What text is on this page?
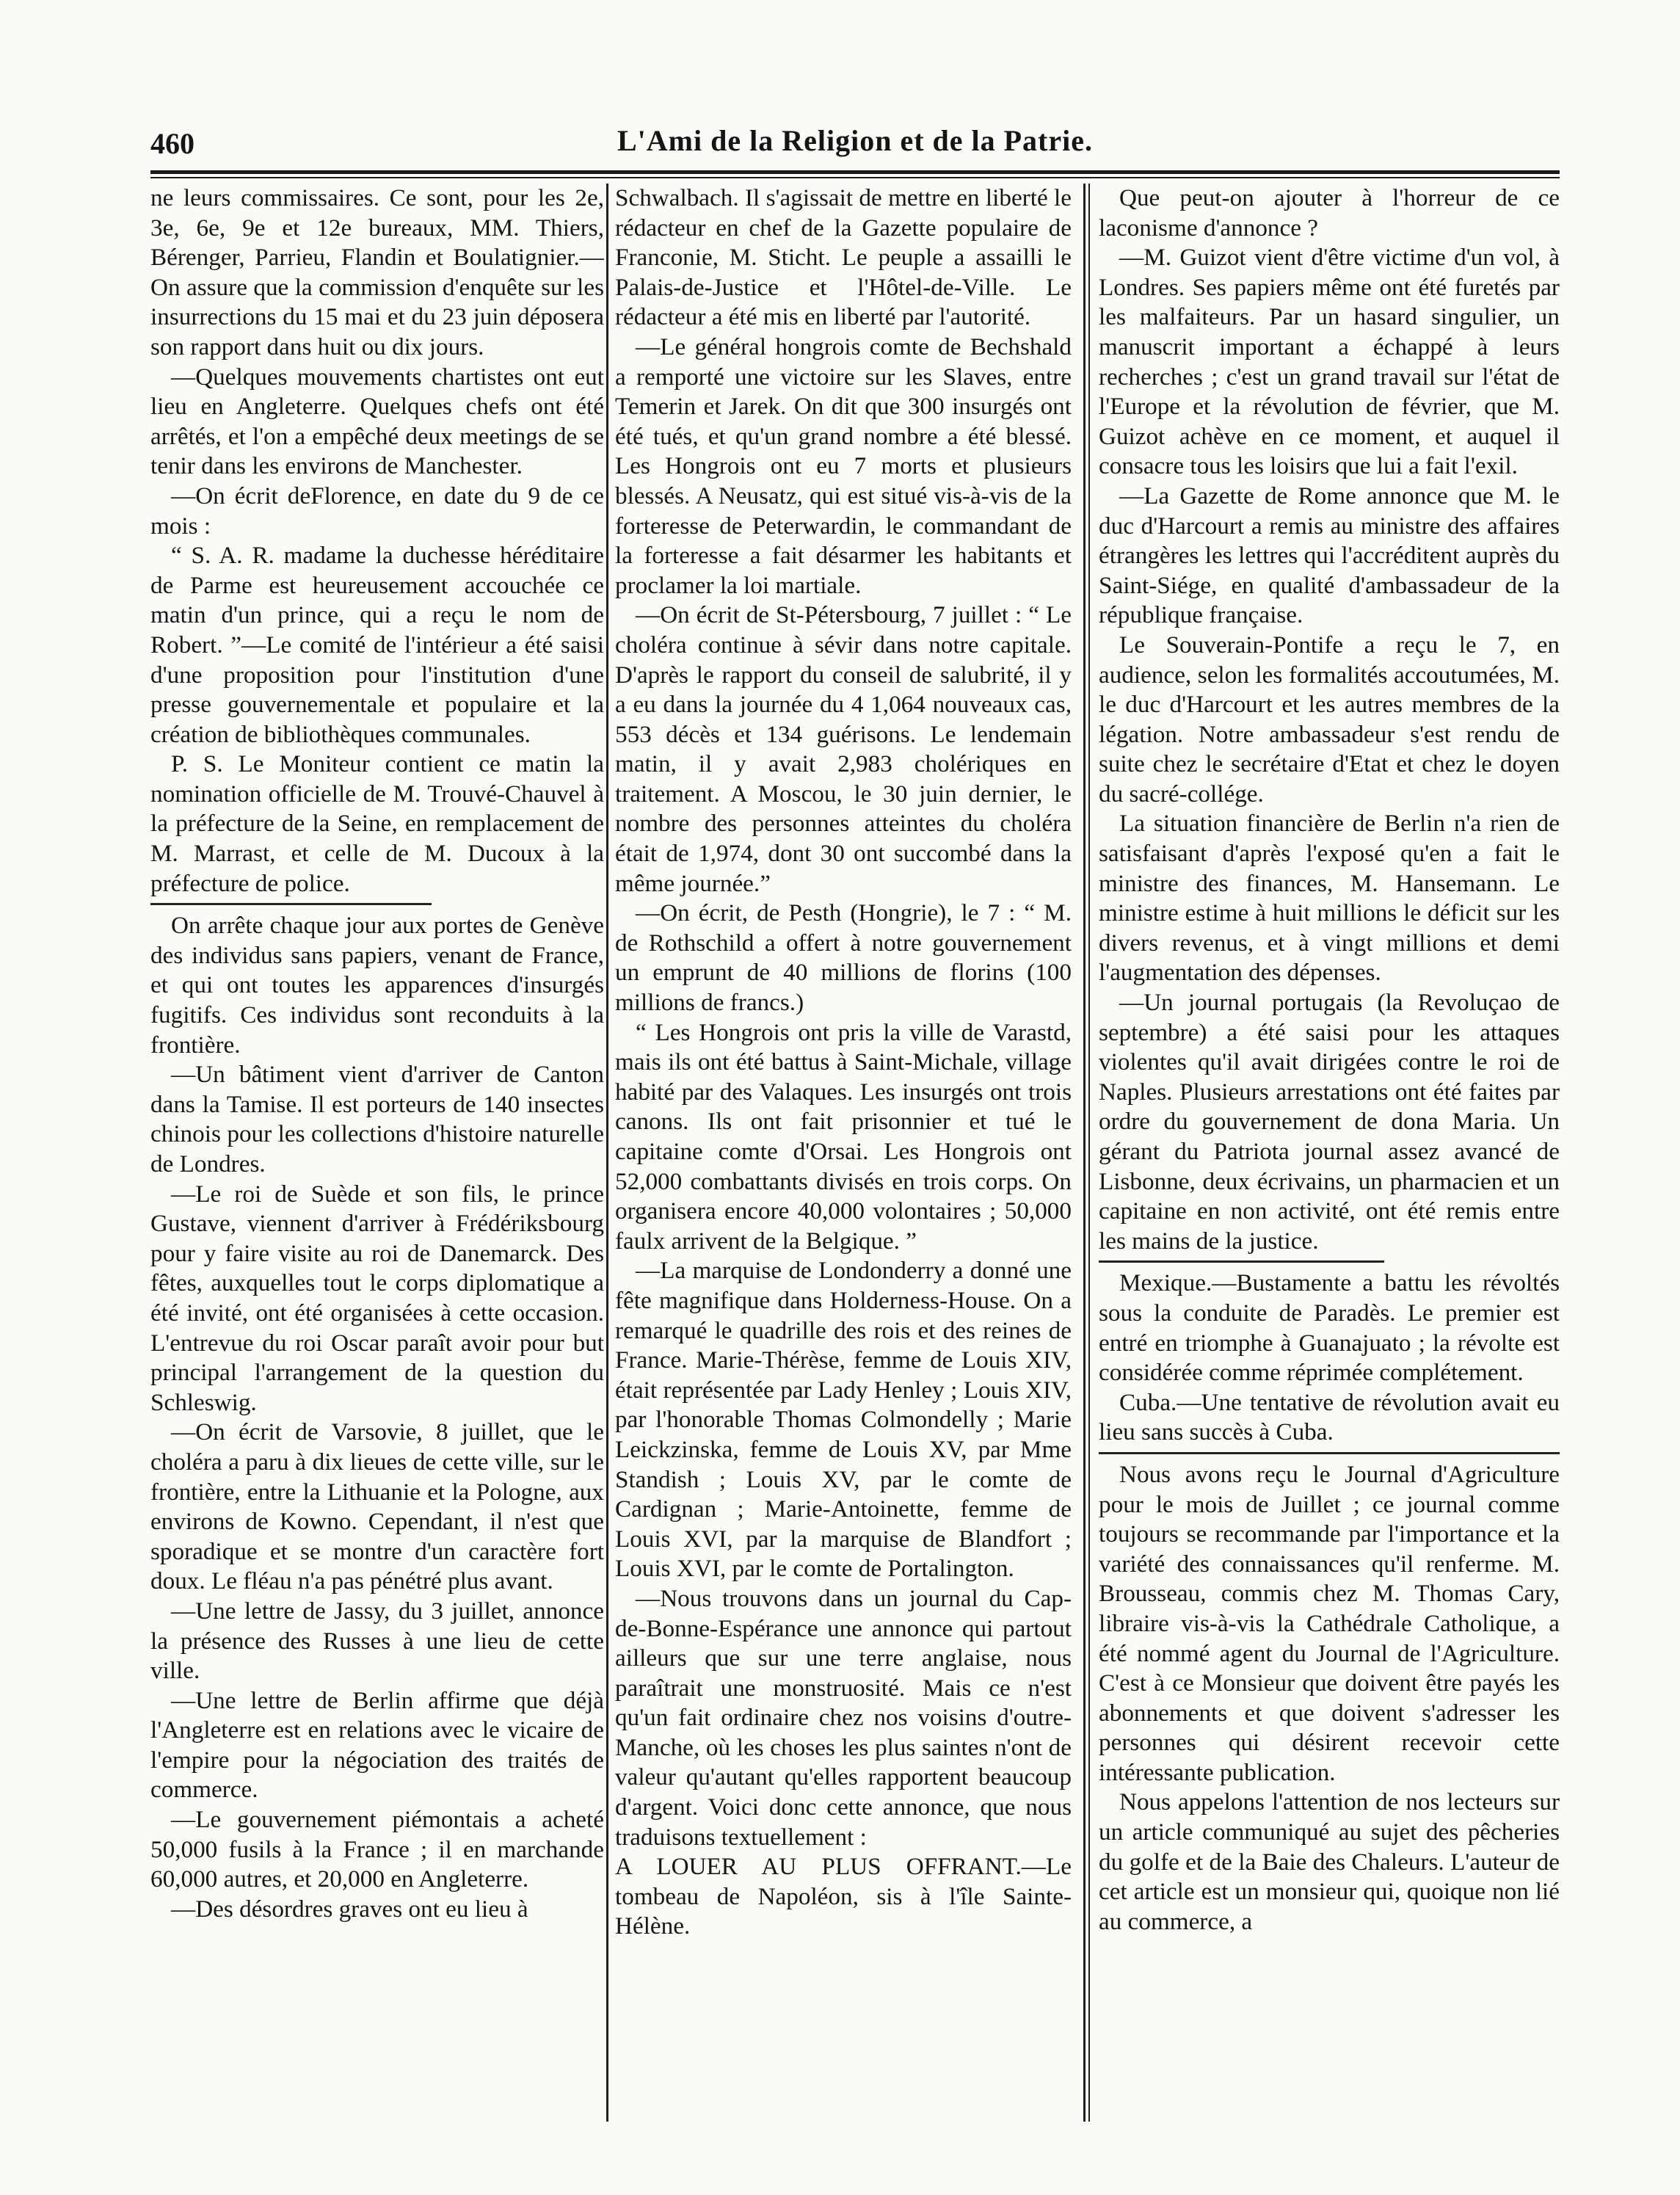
460	L'Ami de la Religion et de la Patrie.

ne leurs commissaires. Ce sont, pour les 2e, 3e, 6e, 9e et 12e bureaux, MM. Thiers, Bérenger, Parrieu, Flandin et Boulatignier.—On assure que la commission d'enquête sur les insurrections du 15 mai et du 23 juin déposera son rapport dans huit ou dix jours.

—Quelques mouvements chartistes ont eut lieu en Angleterre. Quelques chefs ont été arrêtés, et l'on a empêché deux meetings de se tenir dans les environs de Manchester.

—On écrit deFlorence, en date du 9 de ce mois :

“ S. A. R. madame la duchesse héréditaire de Parme est heureusement accouchée ce matin d'un prince, qui a reçu le nom de Robert. ”—Le comité de l'intérieur a été saisi d'une proposition pour l'institution d'une presse gouvernementale et populaire et la création de bibliothèques communales.

P. S. Le Moniteur contient ce matin la nomination officielle de M. Trouvé-Chauvel à la préfecture de la Seine, en remplacement de M. Marrast, et celle de M. Ducoux à la préfecture de police.

On arrête chaque jour aux portes de Genève des individus sans papiers, venant de France, et qui ont toutes les apparences d'insurgés fugitifs. Ces individus sont reconduits à la frontière.

—Un bâtiment vient d'arriver de Canton dans la Tamise. Il est porteurs de 140 insectes chinois pour les collections d'histoire naturelle de Londres.

—Le roi de Suède et son fils, le prince Gustave, viennent d'arriver à Frédériksbourg pour y faire visite au roi de Danemarck. Des fêtes, auxquelles tout le corps diplomatique a été invité, ont été organisées à cette occasion. L'entrevue du roi Oscar paraît avoir pour but principal l'arrangement de la question du Schleswig.

—On écrit de Varsovie, 8 juillet, que le choléra a paru à dix lieues de cette ville, sur le frontière, entre la Lithuanie et la Pologne, aux environs de Kowno. Cependant, il n'est que sporadique et se montre d'un caractère fort doux. Le fléau n'a pas pénétré plus avant.

—Une lettre de Jassy, du 3 juillet, annonce la présence des Russes à une lieu de cette ville.

—Une lettre de Berlin affirme que déjà l'Angleterre est en relations avec le vicaire de l'empire pour la négociation des traités de commerce.

—Le gouvernement piémontais a acheté 50,000 fusils à la France ; il en marchande 60,000 autres, et 20,000 en Angleterre.

—Des désordres graves ont eu lieu à

Schwalbach. Il s'agissait de mettre en liberté le rédacteur en chef de la Gazette populaire de Franconie, M. Sticht. Le peuple a assailli le Palais-de-Justice et l'Hôtel-de-Ville. Le rédacteur a été mis en liberté par l'autorité.

—Le général hongrois comte de Bechshald a remporté une victoire sur les Slaves, entre Temerin et Jarek. On dit que 300 insurgés ont été tués, et qu'un grand nombre a été blessé. Les Hongrois ont eu 7 morts et plusieurs blessés. A Neusatz, qui est situé vis-à-vis de la forteresse de Peterwardin, le commandant de la forteresse a fait désarmer les habitants et proclamer la loi martiale.

—On écrit de St-Pétersbourg, 7 juillet : “ Le choléra continue à sévir dans notre capitale. D'après le rapport du conseil de salubrité, il y a eu dans la journée du 4 1,064 nouveaux cas, 553 décès et 134 guérisons. Le lendemain matin, il y avait 2,983 cholériques en traitement. A Moscou, le 30 juin dernier, le nombre des personnes atteintes du choléra était de 1,974, dont 30 ont succombé dans la même journée.”

—On écrit, de Pesth (Hongrie), le 7 : “ M. de Rothschild a offert à notre gouvernement un emprunt de 40 millions de florins (100 millions de francs.)

“ Les Hongrois ont pris la ville de Varastd, mais ils ont été battus à Saint-Michale, village habité par des Valaques. Les insurgés ont trois canons. Ils ont fait prisonnier et tué le capitaine comte d'Orsai. Les Hongrois ont 52,000 combattants divisés en trois corps. On organisera encore 40,000 volontaires ; 50,000 faulx arrivent de la Belgique. ”

—La marquise de Londonderry a donné une fête magnifique dans Holderness-House. On a remarqué le quadrille des rois et des reines de France. Marie-Thérèse, femme de Louis XIV, était représentée par Lady Henley ; Louis XIV, par l'honorable Thomas Colmondelly ; Marie Leickzinska, femme de Louis XV, par Mme Standish ; Louis XV, par le comte de Cardignan ; Marie-Antoinette, femme de Louis XVI, par la marquise de Blandfort ; Louis XVI, par le comte de Portalington.

—Nous trouvons dans un journal du Cap-de-Bonne-Espérance une annonce qui partout ailleurs que sur une terre anglaise, nous paraîtrait une monstruosité. Mais ce n'est qu'un fait ordinaire chez nos voisins d'outre-Manche, où les choses les plus saintes n'ont de valeur qu'autant qu'elles rapportent beaucoup d'argent. Voici donc cette annonce, que nous traduisons textuellement :

A LOUER AU PLUS OFFRANT.—Le tombeau de Napoléon, sis à l'île Sainte-Hélène.

Que peut-on ajouter à l'horreur de ce laconisme d'annonce ?

—M. Guizot vient d'être victime d'un vol, à Londres. Ses papiers même ont été furetés par les malfaiteurs. Par un hasard singulier, un manuscrit important a échappé à leurs recherches ; c'est un grand travail sur l'état de l'Europe et la révolution de février, que M. Guizot achève en ce moment, et auquel il consacre tous les loisirs que lui a fait l'exil.

—La Gazette de Rome annonce que M. le duc d'Harcourt a remis au ministre des affaires étrangères les lettres qui l'accréditent auprès du Saint-Siége, en qualité d'ambassadeur de la république française.

Le Souverain-Pontife a reçu le 7, en audience, selon les formalités accoutumées, M. le duc d'Harcourt et les autres membres de la légation. Notre ambassadeur s'est rendu de suite chez le secrétaire d'Etat et chez le doyen du sacré-collége.

La situation financière de Berlin n'a rien de satisfaisant d'après l'exposé qu'en a fait le ministre des finances, M. Hansemann. Le ministre estime à huit millions le déficit sur les divers revenus, et à vingt millions et demi l'augmentation des dépenses.

—Un journal portugais (la Revoluçao de septembre) a été saisi pour les attaques violentes qu'il avait dirigées contre le roi de Naples. Plusieurs arrestations ont été faites par ordre du gouvernement de dona Maria. Un gérant du Patriota journal assez avancé de Lisbonne, deux écrivains, un pharmacien et un capitaine en non activité, ont été remis entre les mains de la justice.

Mexique.—Bustamente a battu les révoltés sous la conduite de Paradès. Le premier est entré en triomphe à Guanajuato ; la révolte est considérée comme réprimée complétement.

Cuba.—Une tentative de révolution avait eu lieu sans succès à Cuba.

Nous avons reçu le Journal d'Agriculture pour le mois de Juillet ; ce journal comme toujours se recommande par l'importance et la variété des connaissances qu'il renferme. M. Brousseau, commis chez M. Thomas Cary, libraire vis-à-vis la Cathédrale Catholique, a été nommé agent du Journal de l'Agriculture. C'est à ce Monsieur que doivent être payés les abonnements et que doivent s'adresser les personnes qui désirent recevoir cette intéressante publication.

Nous appelons l'attention de nos lecteurs sur un article communiqué au sujet des pêcheries du golfe et de la Baie des Chaleurs. L'auteur de cet article est un monsieur qui, quoique non lié au commerce, a
